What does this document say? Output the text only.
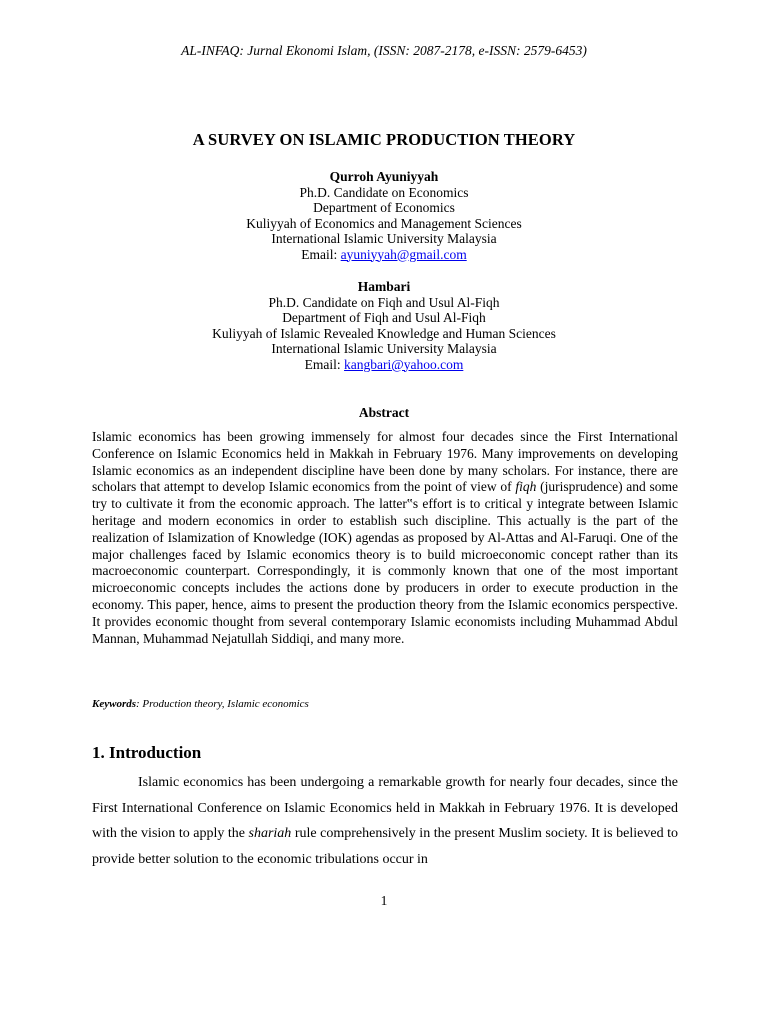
AL-INFAQ: Jurnal Ekonomi Islam, (ISSN: 2087-2178, e-ISSN: 2579-6453)
A SURVEY ON ISLAMIC PRODUCTION THEORY
Qurroh Ayuniyyah
Ph.D. Candidate on Economics
Department of Economics
Kuliyyah of Economics and Management Sciences
International Islamic University Malaysia
Email: ayuniyyah@gmail.com
Hambari
Ph.D. Candidate on Fiqh and Usul Al-Fiqh
Department of Fiqh and Usul Al-Fiqh
Kuliyyah of Islamic Revealed Knowledge and Human Sciences
International Islamic University Malaysia
Email: kangbari@yahoo.com
Abstract

Islamic economics has been growing immensely for almost four decades since the First International Conference on Islamic Economics held in Makkah in February 1976. Many improvements on developing Islamic economics as an independent discipline have been done by many scholars. For instance, there are scholars that attempt to develop Islamic economics from the point of view of fiqh (jurisprudence) and some try to cultivate it from the economic approach. The latter‟s effort is to critical y integrate between Islamic heritage and modern economics in order to establish such discipline. This actually is the part of the realization of Islamization of Knowledge (IOK) agendas as proposed by Al-Attas and Al-Faruqi. One of the major challenges faced by Islamic economics theory is to build microeconomic concept rather than its macroeconomic counterpart. Correspondingly, it is commonly known that one of the most important microeconomic concepts includes the actions done by producers in order to execute production in the economy. This paper, hence, aims to present the production theory from the Islamic economics perspective. It provides economic thought from several contemporary Islamic economists including Muhammad Abdul Mannan, Muhammad Nejatullah Siddiqi, and many more.

Keywords: Production theory, Islamic economics
1. Introduction

Islamic economics has been undergoing a remarkable growth for nearly four decades, since the First International Conference on Islamic Economics held in Makkah in February 1976. It is developed with the vision to apply the shariah rule comprehensively in the present Muslim society. It is believed to provide better solution to the economic tribulations occur in

1
